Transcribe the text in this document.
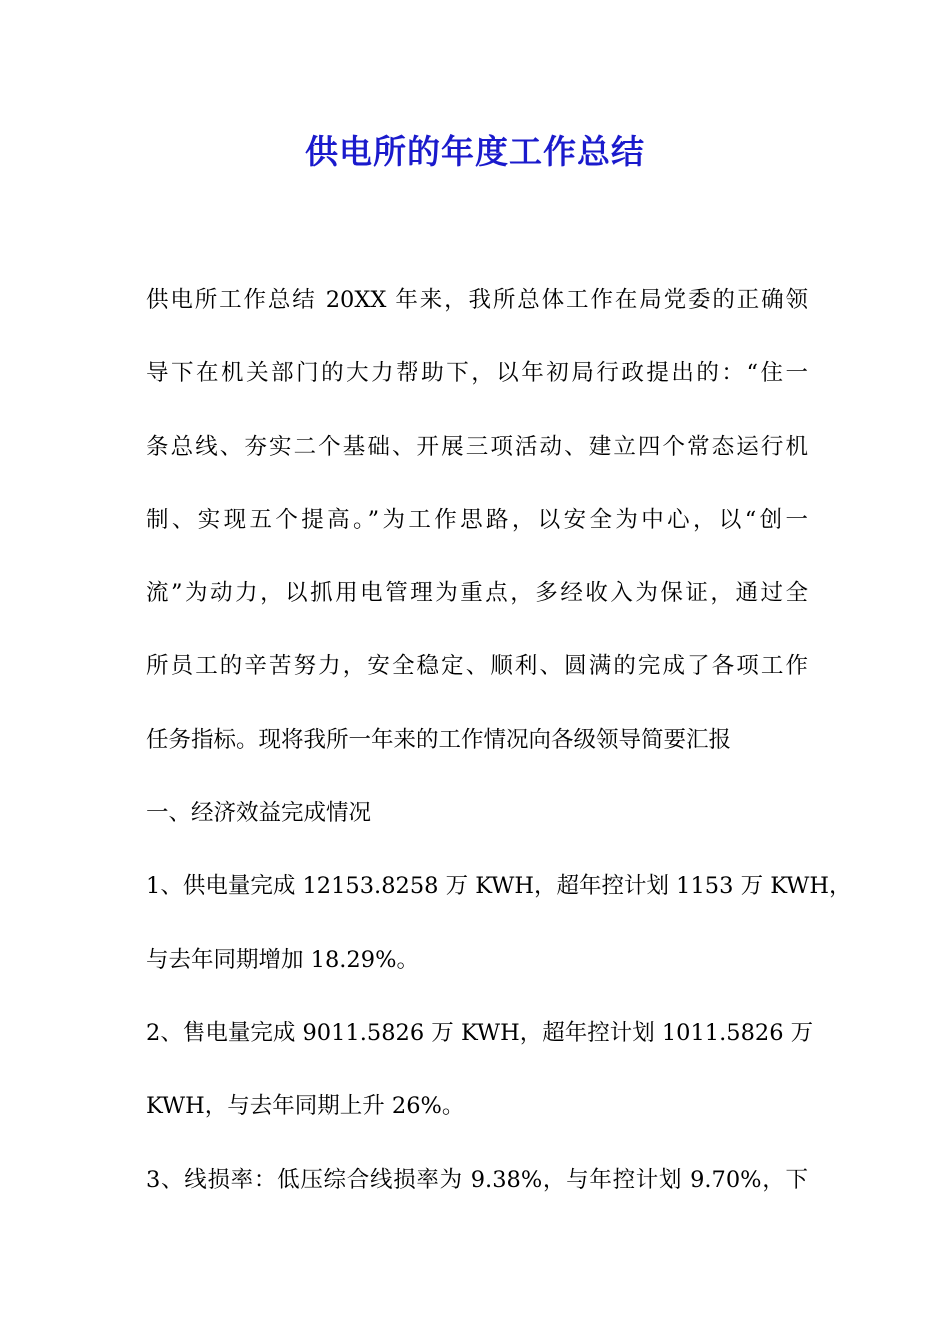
供电所的年度工作总结
供电所工作总结 20XX 年来，我所总体工作在局党委的正确领
导下在机关部门的大力帮助下，以年初局行政提出的：“住一
条总线、夯实二个基础、开展三项活动、建立四个常态运行机
制、实现五个提高。”为工作思路，以安全为中心，以“创一
流”为动力，以抓用电管理为重点，多经收入为保证，通过全
所员工的辛苦努力，安全稳定、顺利、圆满的完成了各项工作
任务指标。现将我所一年来的工作情况向各级领导简要汇报
一、经济效益完成情况
1、供电量完成 12153.8258 万 KWH，超年控计划 1153 万 KWH，
与去年同期增加 18.29%。
2、售电量完成 9011.5826 万 KWH，超年控计划 1011.5826 万
KWH，与去年同期上升 26%。
3、线损率：低压综合线损率为 9.38%，与年控计划 9.70%，下
